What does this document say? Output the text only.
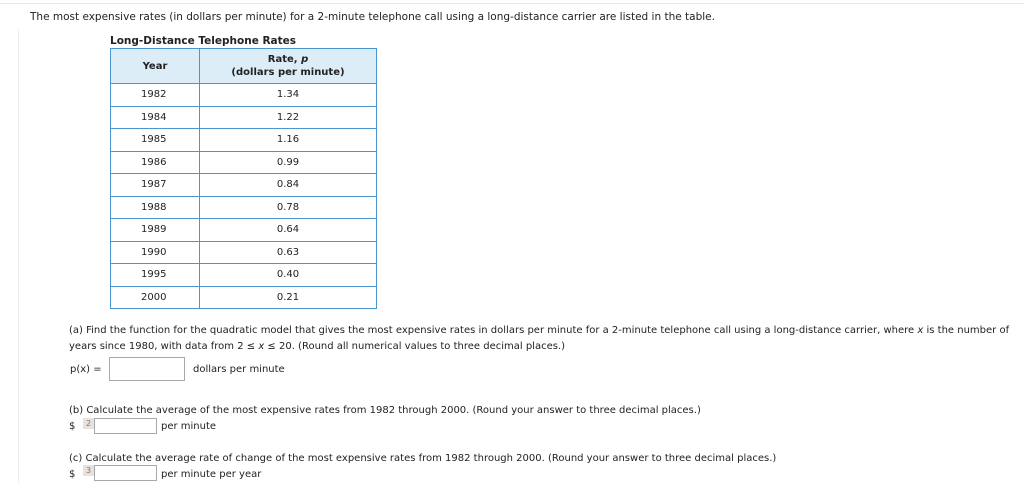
The most expensive rates (in dollars per minute) for a 2-minute telephone call using a long-distance carrier are listed in the table.
Long-Distance Telephone Rates
Year	Rate, p
(dollars per minute)
1982	1.34
1984	1.22
1985	1.16
1986	0.99
1987	0.84
1988	0.78
1989	0.64
1990	0.63
1995	0.40
2000	0.21
(a) Find the function for the quadratic model that gives the most expensive rates in dollars per minute for a 2-minute telephone call using a long-distance carrier, where x is the number of years since 1980, with data from 2 ≤ x ≤ 20. (Round all numerical values to three decimal places.)
p(x) =	dollars per minute
(b) Calculate the average of the most expensive rates from 1982 through 2000. (Round your answer to three decimal places.)
$	2	per minute
(c) Calculate the average rate of change of the most expensive rates from 1982 through 2000. (Round your answer to three decimal places.)
$	3	per minute per year
